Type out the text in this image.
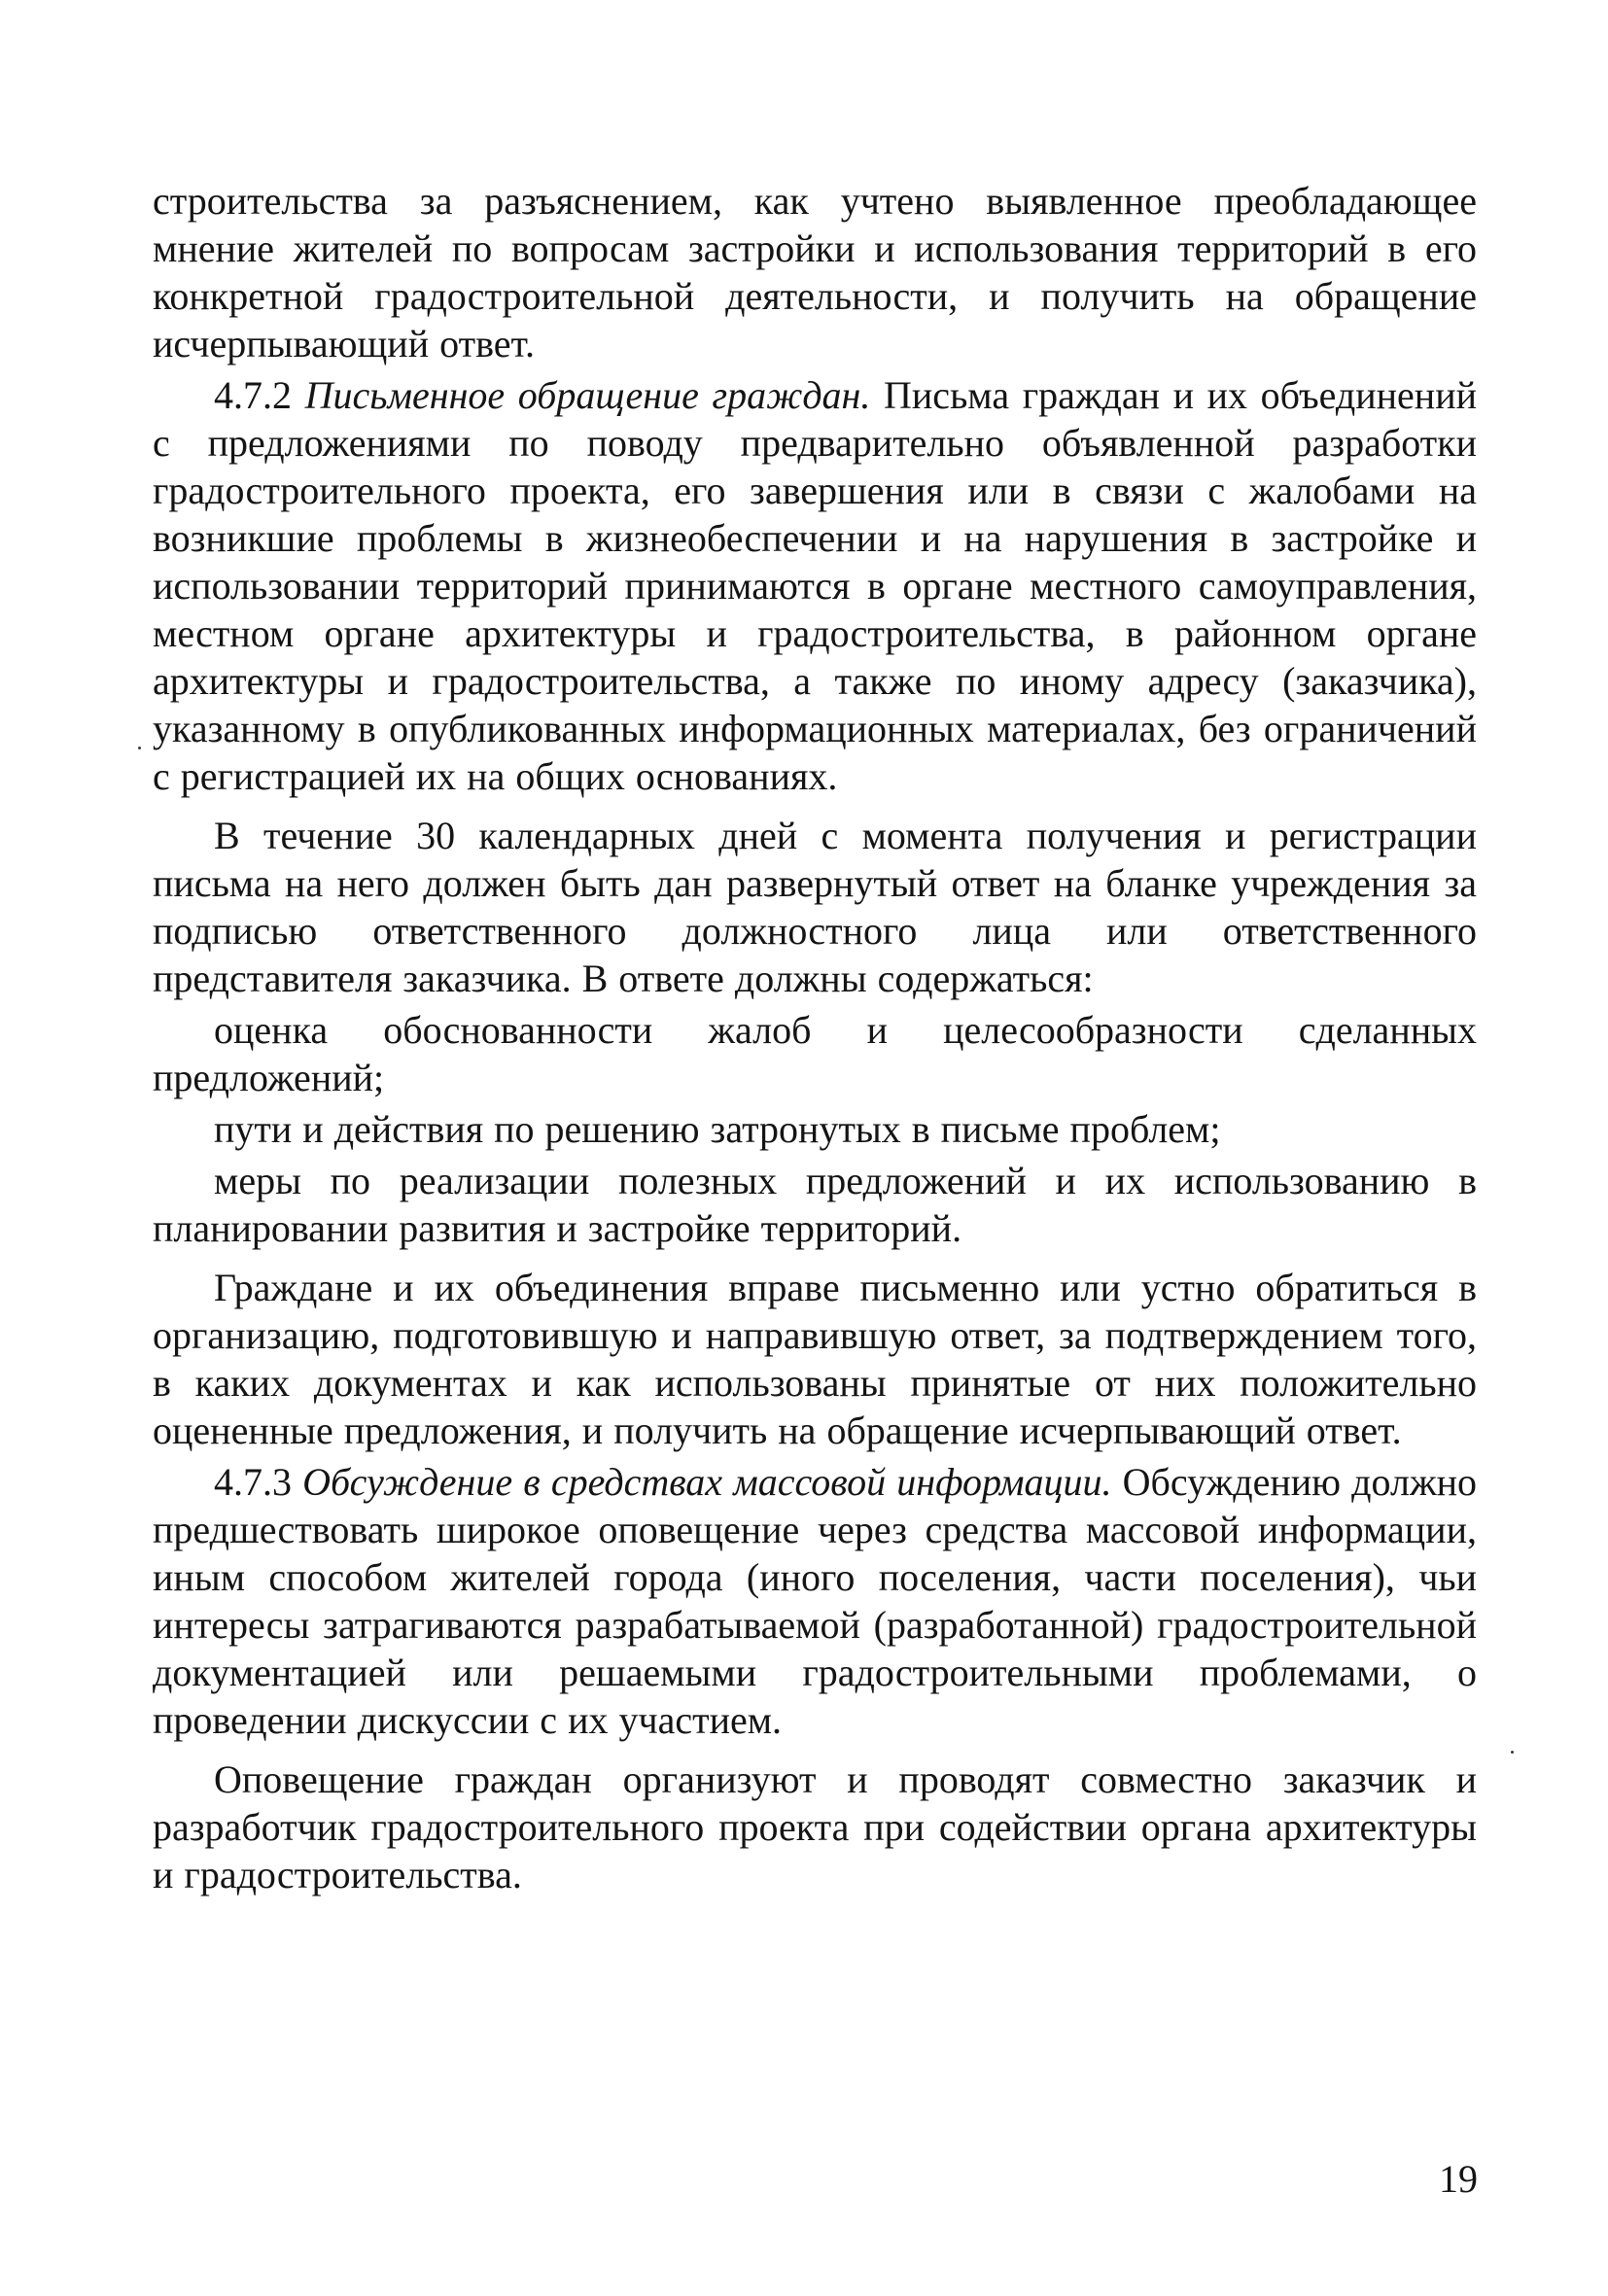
строительства за разъяснением, как учтено выявленное преобладающее мнение жителей по вопросам застройки и использования территорий в его конкретной градостроительной деятельности, и получить на обращение исчерпывающий ответ.

4.7.2 Письменное обращение граждан. Письма граждан и их объединений с предложениями по поводу предварительно объявленной разработки градостроительного проекта, его завершения или в связи с жалобами на возникшие проблемы в жизнеобеспечении и на нарушения в застройке и использовании территорий принимаются в органе местного самоуправления, местном органе архитектуры и градостроительства, в районном органе архитектуры и градостроительства, а также по иному адресу (заказчика), указанному в опубликованных информационных материалах, без ограничений с регистрацией их на общих основаниях.

В течение 30 календарных дней с момента получения и регистрации письма на него должен быть дан развернутый ответ на бланке учреждения за подписью ответственного должностного лица или ответственного представителя заказчика. В ответе должны содержаться:

оценка обоснованности жалоб и целесообразности сделанных предложений;

пути и действия по решению затронутых в письме проблем;

меры по реализации полезных предложений и их использованию в планировании развития и застройке территорий.

Граждане и их объединения вправе письменно или устно обратиться в организацию, подготовившую и направившую ответ, за подтверждением того, в каких документах и как использованы принятые от них положительно оцененные предложения, и получить на обращение исчерпывающий ответ.

4.7.3 Обсуждение в средствах массовой информации. Обсуждению должно предшествовать широкое оповещение через средства массовой информации, иным способом жителей города (иного поселения, части поселения), чьи интересы затрагиваются разрабатываемой (разработанной) градостроительной документацией или решаемыми градостроительными проблемами, о проведении дискуссии с их участием.

Оповещение граждан организуют и проводят совместно заказчик и разработчик градостроительного проекта при содействии органа архитектуры и градостроительства.

19
